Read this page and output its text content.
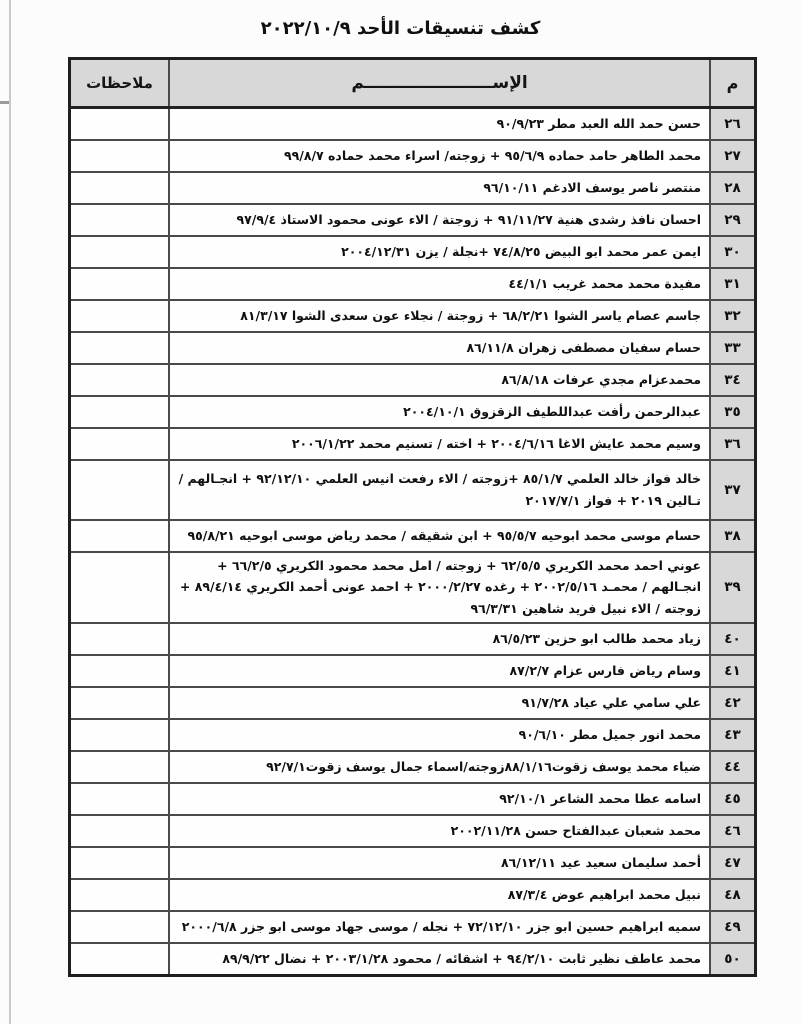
كشف تنسيقات الأحد ٢٠٢٢/١٠/٩
م	الإســــــــــــــــــــــم	ملاحظات
٢٦	حسن حمد الله العبد مطر ٩٠/٩/٢٣	
٢٧	محمد الطاهر حامد حماده ٩٥/٦/٩ + زوجته/ اسراء محمد حماده ٩٩/٨/٧	
٢٨	منتصر ناصر يوسف الادغم ٩٦/١٠/١١	
٢٩	احسان نافذ رشدى هنية ٩١/١١/٢٧ + زوجتة / الاء عونى محمود الاستاذ ٩٧/٩/٤	
٣٠	ايمن عمر محمد ابو البيض ٧٤/٨/٢٥ +نجلة / يزن ٢٠٠٤/١٢/٣١	
٣١	مفيدة محمد محمد غريب ٤٤/١/١	
٣٢	جاسم عصام ياسر الشوا ٦٨/٢/٢١ + زوجتة / نجلاء عون سعدى الشوا ٨١/٣/١٧	
٣٣	حسام سفيان مصطفى زهران ٨٦/١١/٨	
٣٤	محمدعزام مجدي عرفات ٨٦/٨/١٨	
٣٥	عبدالرحمن رأفت عبداللطيف الزقزوق ٢٠٠٤/١٠/١	
٣٦	وسيم محمد عايش الاغا ٢٠٠٤/٦/١٦ + اخته / تسنيم محمد ٢٠٠٦/١/٢٢	
٣٧	خالد فواز خالد العلمي ٨٥/١/٧ +زوجته / الاء رفعت انيس العلمي ٩٢/١٢/١٠ + انجـالهم / تـالين ٢٠١٩ + فواز ٢٠١٧/٧/١	
٣٨	حسام موسى محمد ابوحيه ٩٥/٥/٧ + ابن شقيقه / محمد رياض موسى ابوحيه ٩٥/٨/٢١	
٣٩	عوني احمد محمد الكريري ٦٢/٥/٥ + زوجته / امل محمد محمود الكريري ٦٦/٢/٥ + انجـالهم / محمـد ٢٠٠٢/٥/١٦ + رغده ٢٠٠٠/٢/٢٧ + احمد عونى أحمد الكريري ٨٩/٤/١٤ + زوجته / الاء نبيل فريد شاهين ٩٦/٣/٣١	
٤٠	زياد محمد طالب ابو حزين ٨٦/٥/٢٣	
٤١	وسام رياض فارس عزام ٨٧/٢/٧	
٤٢	علي سامي علي عياد ٩١/٧/٢٨	
٤٣	محمد انور جميل مطر ٩٠/٦/١٠	
٤٤	ضياء محمد يوسف زقوت٨٨/١/١٦زوجته/اسماء جمال يوسف زقوت٩٢/٧/١	
٤٥	اسامه عطا محمد الشاعر ٩٢/١٠/١	
٤٦	محمد شعبان عبدالفتاح حسن ٢٠٠٢/١١/٢٨	
٤٧	أحمد سليمان سعيد عيد ٨٦/١٢/١١	
٤٨	نبيل محمد ابراهيم عوض ٨٧/٣/٤	
٤٩	سميه ابراهيم حسين ابو جزر ٧٢/١٢/١٠ + نجله / موسى جهاد موسى ابو جزر ٢٠٠٠/٦/٨	
٥٠	محمد عاطف نظير ثابت ٩٤/٢/١٠ + اشقائه / محمود ٢٠٠٣/١/٢٨ + نضال ٨٩/٩/٢٢	
